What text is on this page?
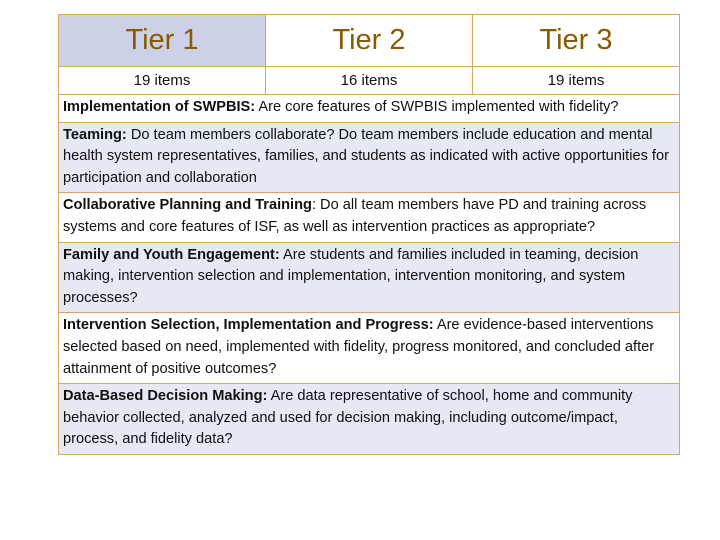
Tier 1	Tier 2	Tier 3
19 items	16 items	19 items
Implementation of SWPBIS: Are core features of SWPBIS implemented with fidelity?
Teaming: Do team members collaborate? Do team members include education and mental health system representatives, families, and students as indicated with active opportunities for participation and collaboration
Collaborative Planning and Training: Do all team members have PD and training across systems and core features of ISF, as well as intervention practices as appropriate?
Family and Youth Engagement: Are students and families included in teaming, decision making, intervention selection and implementation, intervention monitoring, and system processes?
Intervention Selection, Implementation and Progress: Are evidence-based interventions selected based on need, implemented with fidelity, progress monitored, and concluded after attainment of positive outcomes?
Data-Based Decision Making: Are data representative of school, home and community behavior collected, analyzed and used for decision making, including outcome/impact, process, and fidelity data?
